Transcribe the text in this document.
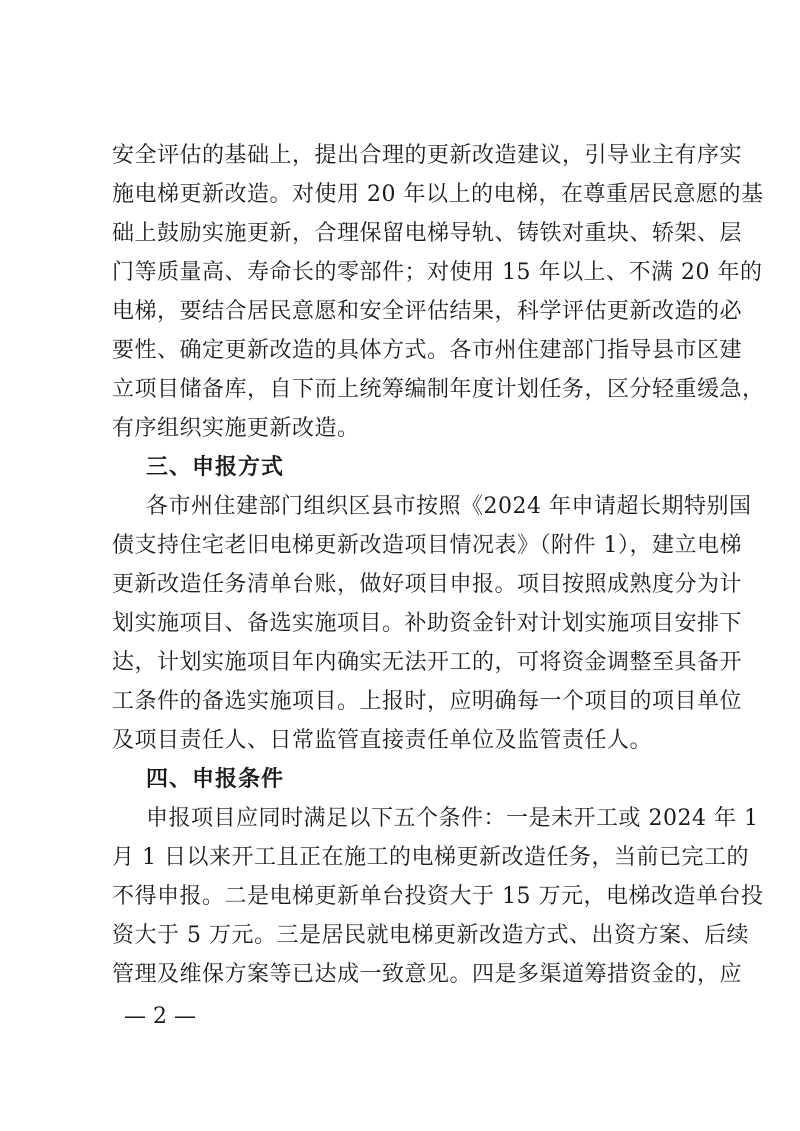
安全评估的基础上，提出合理的更新改造建议，引导业主有序实
施电梯更新改造。对使用 20 年以上的电梯，在尊重居民意愿的基
础上鼓励实施更新，合理保留电梯导轨、铸铁对重块、轿架、层
门等质量高、寿命长的零部件；对使用 15 年以上、不满 20 年的
电梯，要结合居民意愿和安全评估结果，科学评估更新改造的必
要性、确定更新改造的具体方式。各市州住建部门指导县市区建
立项目储备库，自下而上统筹编制年度计划任务，区分轻重缓急，
有序组织实施更新改造。
三、申报方式
各市州住建部门组织区县市按照《2024 年申请超长期特别国
债支持住宅老旧电梯更新改造项目情况表》（附件 1），建立电梯
更新改造任务清单台账，做好项目申报。项目按照成熟度分为计
划实施项目、备选实施项目。补助资金针对计划实施项目安排下
达，计划实施项目年内确实无法开工的，可将资金调整至具备开
工条件的备选实施项目。上报时，应明确每一个项目的项目单位
及项目责任人、日常监管直接责任单位及监管责任人。
四、申报条件
申报项目应同时满足以下五个条件：一是未开工或 2024 年 1
月 1 日以来开工且正在施工的电梯更新改造任务，当前已完工的
不得申报。二是电梯更新单台投资大于 15 万元，电梯改造单台投
资大于 5 万元。三是居民就电梯更新改造方式、出资方案、后续
管理及维保方案等已达成一致意见。四是多渠道筹措资金的，应
— 2 —
